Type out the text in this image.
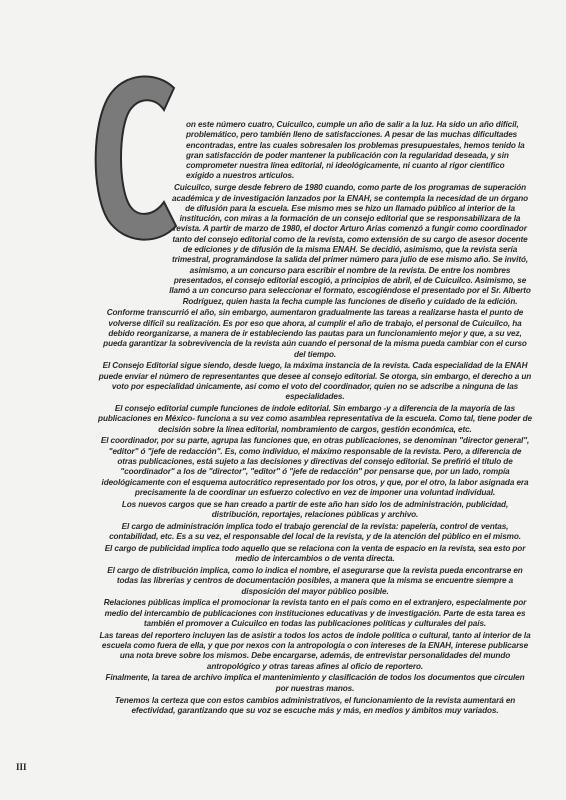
on este número cuatro, Cuicuilco, cumple un año de salir a la luz. Ha sido un año difícil, problemático, pero también lleno de satisfacciones. A pesar de las muchas dificultades encontradas, entre las cuales sobresalen los problemas presupuestales, hemos tenido la gran satisfacción de poder mantener la publicación con la regularidad deseada, y sin comprometer nuestra línea editorial, ni ideológicamente, ni cuanto al rigor científico exigido a nuestros artículos.

Cuicuilco, surge desde febrero de 1980 cuando, como parte de los programas de superación académica y de investigación lanzados por la ENAH, se contempla la necesidad de un órgano de difusión para la escuela. Ese mismo mes se hizo un llamado público al interior de la institución, con miras a la formación de un consejo editorial que se responsabilizara de la revista. A partir de marzo de 1980, el doctor Arturo Arias comenzó a fungir como coordinador tanto del consejo editorial como de la revista, como extensión de su cargo de asesor docente de ediciones y de difusión de la misma ENAH. Se decidió, asimismo, que la revista sería trimestral, programándose la salida del primer número para julio de ese mismo año. Se invitó, asimismo, a un concurso para escribir el nombre de la revista. De entre los nombres presentados, el consejo editorial escogió, a principios de abril, el de Cuicuilco. Asimismo, se llamó a un concurso para seleccionar el formato, escogiéndose el presentado por el Sr. Alberto Rodríguez, quien hasta la fecha cumple las funciones de diseño y cuidado de la edición.

Conforme transcurrió el año, sin embargo, aumentaron gradualmente las tareas a realizarse hasta el punto de volverse difícil su realización. Es por eso que ahora, al cumplir el año de trabajo, el personal de Cuicuilco, ha debido reorganizarse, a manera de ir estableciendo las pautas para un funcionamiento mejor y que, a su vez, pueda garantizar la sobrevivencia de la revista aún cuando el personal de la misma pueda cambiar con el curso del tiempo.

El Consejo Editorial sigue siendo, desde luego, la máxima instancia de la revista. Cada especialidad de la ENAH puede enviar el número de representantes que desee al consejo editorial. Se otorga, sin embargo, el derecho a un voto por especialidad únicamente, así como el voto del coordinador, quien no se adscribe a ninguna de las especialidades.

El consejo editorial cumple funciones de índole editorial. Sin embargo -y a diferencia de la mayoría de las publicaciones en México- funciona a su vez como asamblea representativa de la escuela. Como tal, tiene poder de decisión sobre la línea editorial, nombramiento de cargos, gestión económica, etc.

El coordinador, por su parte, agrupa las funciones que, en otras publicaciones, se denominan "director general", "editor" ó "jefe de redacción". Es, como individuo, el máximo responsable de la revista. Pero, a diferencia de otras publicaciones, está sujeto a las decisiones y directivas del consejo editorial. Se prefirió el título de "coordinador" a los de "director", "editor" ó "jefe de redacción" por pensarse que, por un lado, rompía ideológicamente con el esquema autocrático representado por los otros, y que, por el otro, la labor asignada era precisamente la de coordinar un esfuerzo colectivo en vez de imponer una voluntad individual.

Los nuevos cargos que se han creado a partir de este año han sido los de administración, publicidad, distribución, reportajes, relaciones públicas y archivo.

El cargo de administración implica todo el trabajo gerencial de la revista: papelería, control de ventas, contabilidad, etc. Es a su vez, el responsable del local de la revista, y de la atención del público en el mismo.

El cargo de publicidad implica todo aquello que se relaciona con la venta de espacio en la revista, sea esto por medio de intercambios o de venta directa.

El cargo de distribución implica, como lo indica el nombre, el asegurarse que la revista pueda encontrarse en todas las librerías y centros de documentación posibles, a manera que la misma se encuentre siempre a disposición del mayor público posible.

Relaciones públicas implica el promocionar la revista tanto en el país como en el extranjero, especialmente por medio del intercambio de publicaciones con instituciones educativas y de investigación. Parte de esta tarea es también el promover a Cuicuilco en todas las publicaciones políticas y culturales del país.

Las tareas del reportero incluyen las de asistir a todos los actos de índole política o cultural, tanto al interior de la escuela como fuera de ella, y que por nexos con la antropología o con intereses de la ENAH, interese publicarse una nota breve sobre los mismos. Debe encargarse, además, de entrevistar personalidades del mundo antropológico y otras tareas afines al oficio de reportero.

Finalmente, la tarea de archivo implica el mantenimiento y clasificación de todos los documentos que circulen por nuestras manos.

Tenemos la certeza que con estos cambios administrativos, el funcionamiento de la revista aumentará en efectividad, garantizando que su voz se escuche más y más, en medios y ámbitos muy variados.

III
